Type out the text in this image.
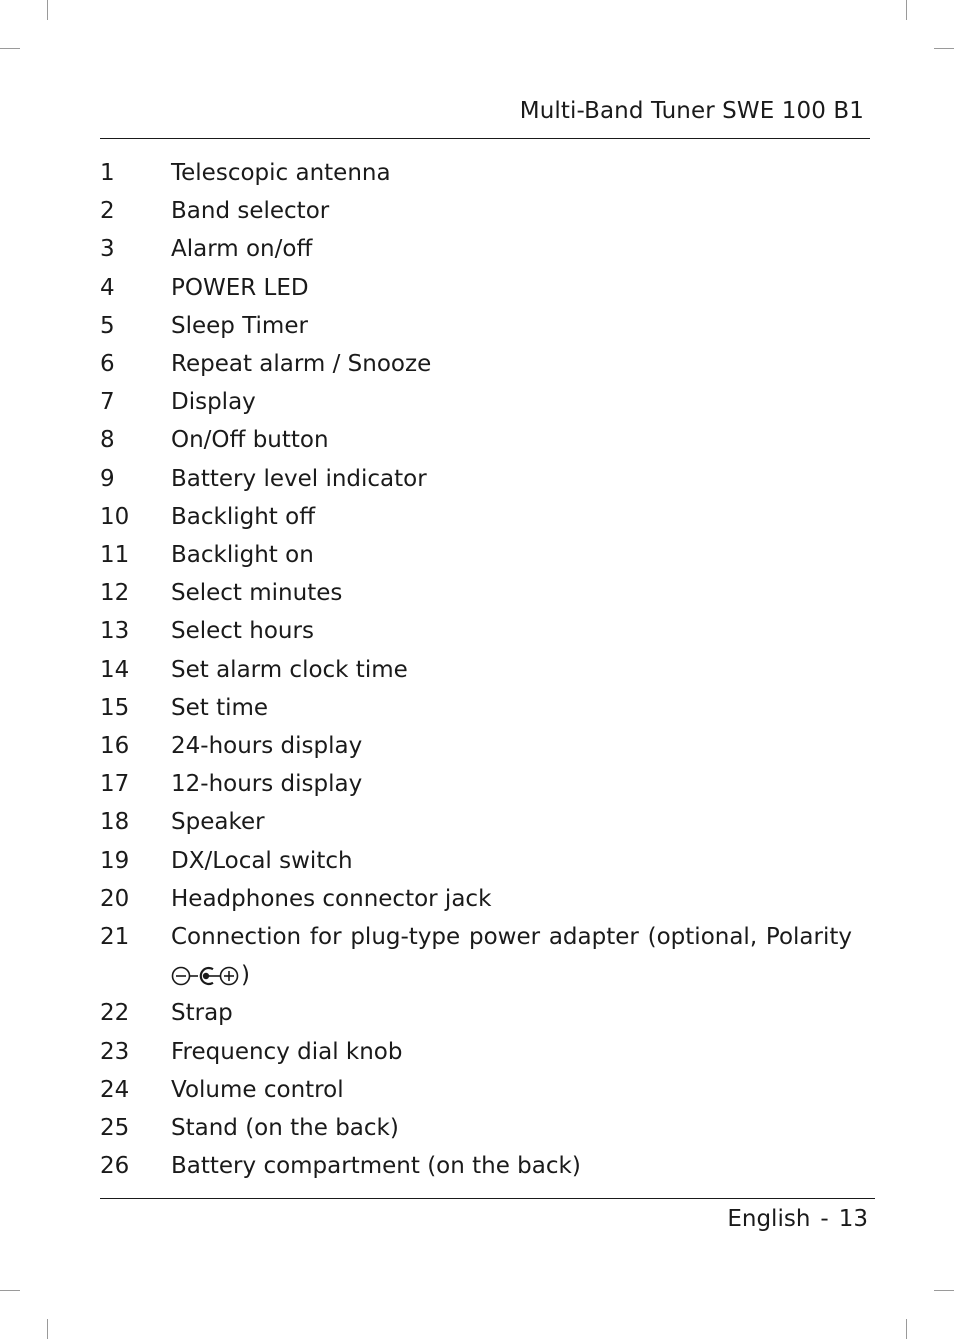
Multi-Band Tuner SWE 100 B1
1	Telescopic antenna
2	Band selector
3	Alarm on/off
4	POWER LED
5	Sleep Timer
6	Repeat alarm / Snooze
7	Display
8	On/Off button
9	Battery level indicator
10	Backlight off
11	Backlight on
12	Select minutes
13	Select hours
14	Set alarm clock time
15	Set time
16	24-hours display
17	12-hours display
18	Speaker
19	DX/Local switch
20	Headphones connector jack
21	Connection for plug-type power adapter (optional, Polarity
)
22	Strap
23	Frequency dial knob
24	Volume control
25	Stand (on the back)
26	Battery compartment (on the back)
English - 13
